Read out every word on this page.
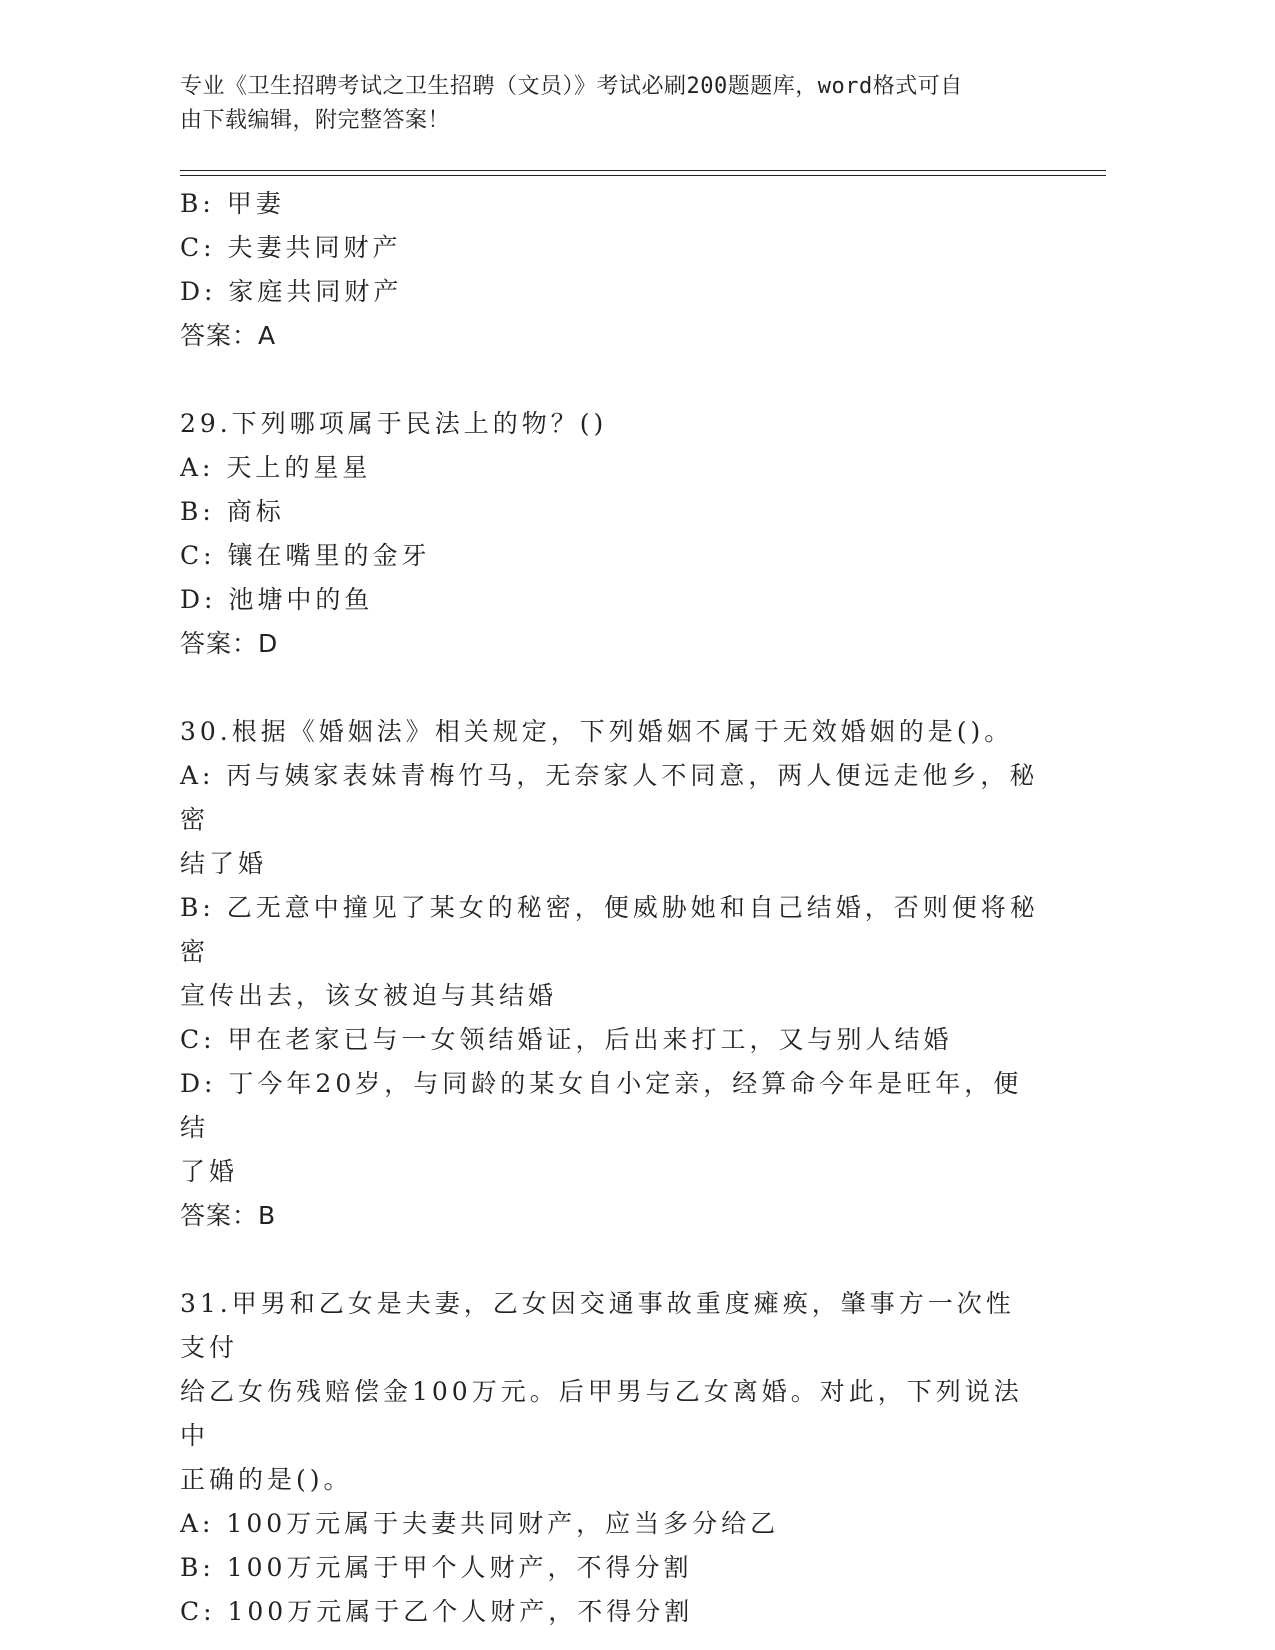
专业《卫生招聘考试之卫生招聘（文员）》考试必刷200题题库，word格式可自
由下载编辑，附完整答案！
B: 甲妻
C: 夫妻共同财产
D: 家庭共同财产
答案：A
29.下列哪项属于民法上的物？()
A: 天上的星星
B: 商标
C: 镶在嘴里的金牙
D: 池塘中的鱼
答案：D
30.根据《婚姻法》相关规定，下列婚姻不属于无效婚姻的是()。
A: 丙与姨家表妹青梅竹马，无奈家人不同意，两人便远走他乡，秘密
结了婚
B: 乙无意中撞见了某女的秘密，便威胁她和自己结婚，否则便将秘密
宣传出去，该女被迫与其结婚
C: 甲在老家已与一女领结婚证，后出来打工，又与别人结婚
D: 丁今年20岁，与同龄的某女自小定亲，经算命今年是旺年，便结
了婚
答案：B
31.甲男和乙女是夫妻，乙女因交通事故重度瘫痪，肇事方一次性支付
给乙女伤残赔偿金100万元。后甲男与乙女离婚。对此，下列说法中
正确的是()。
A: 100万元属于夫妻共同财产，应当多分给乙
B: 100万元属于甲个人财产，不得分割
C: 100万元属于乙个人财产，不得分割
